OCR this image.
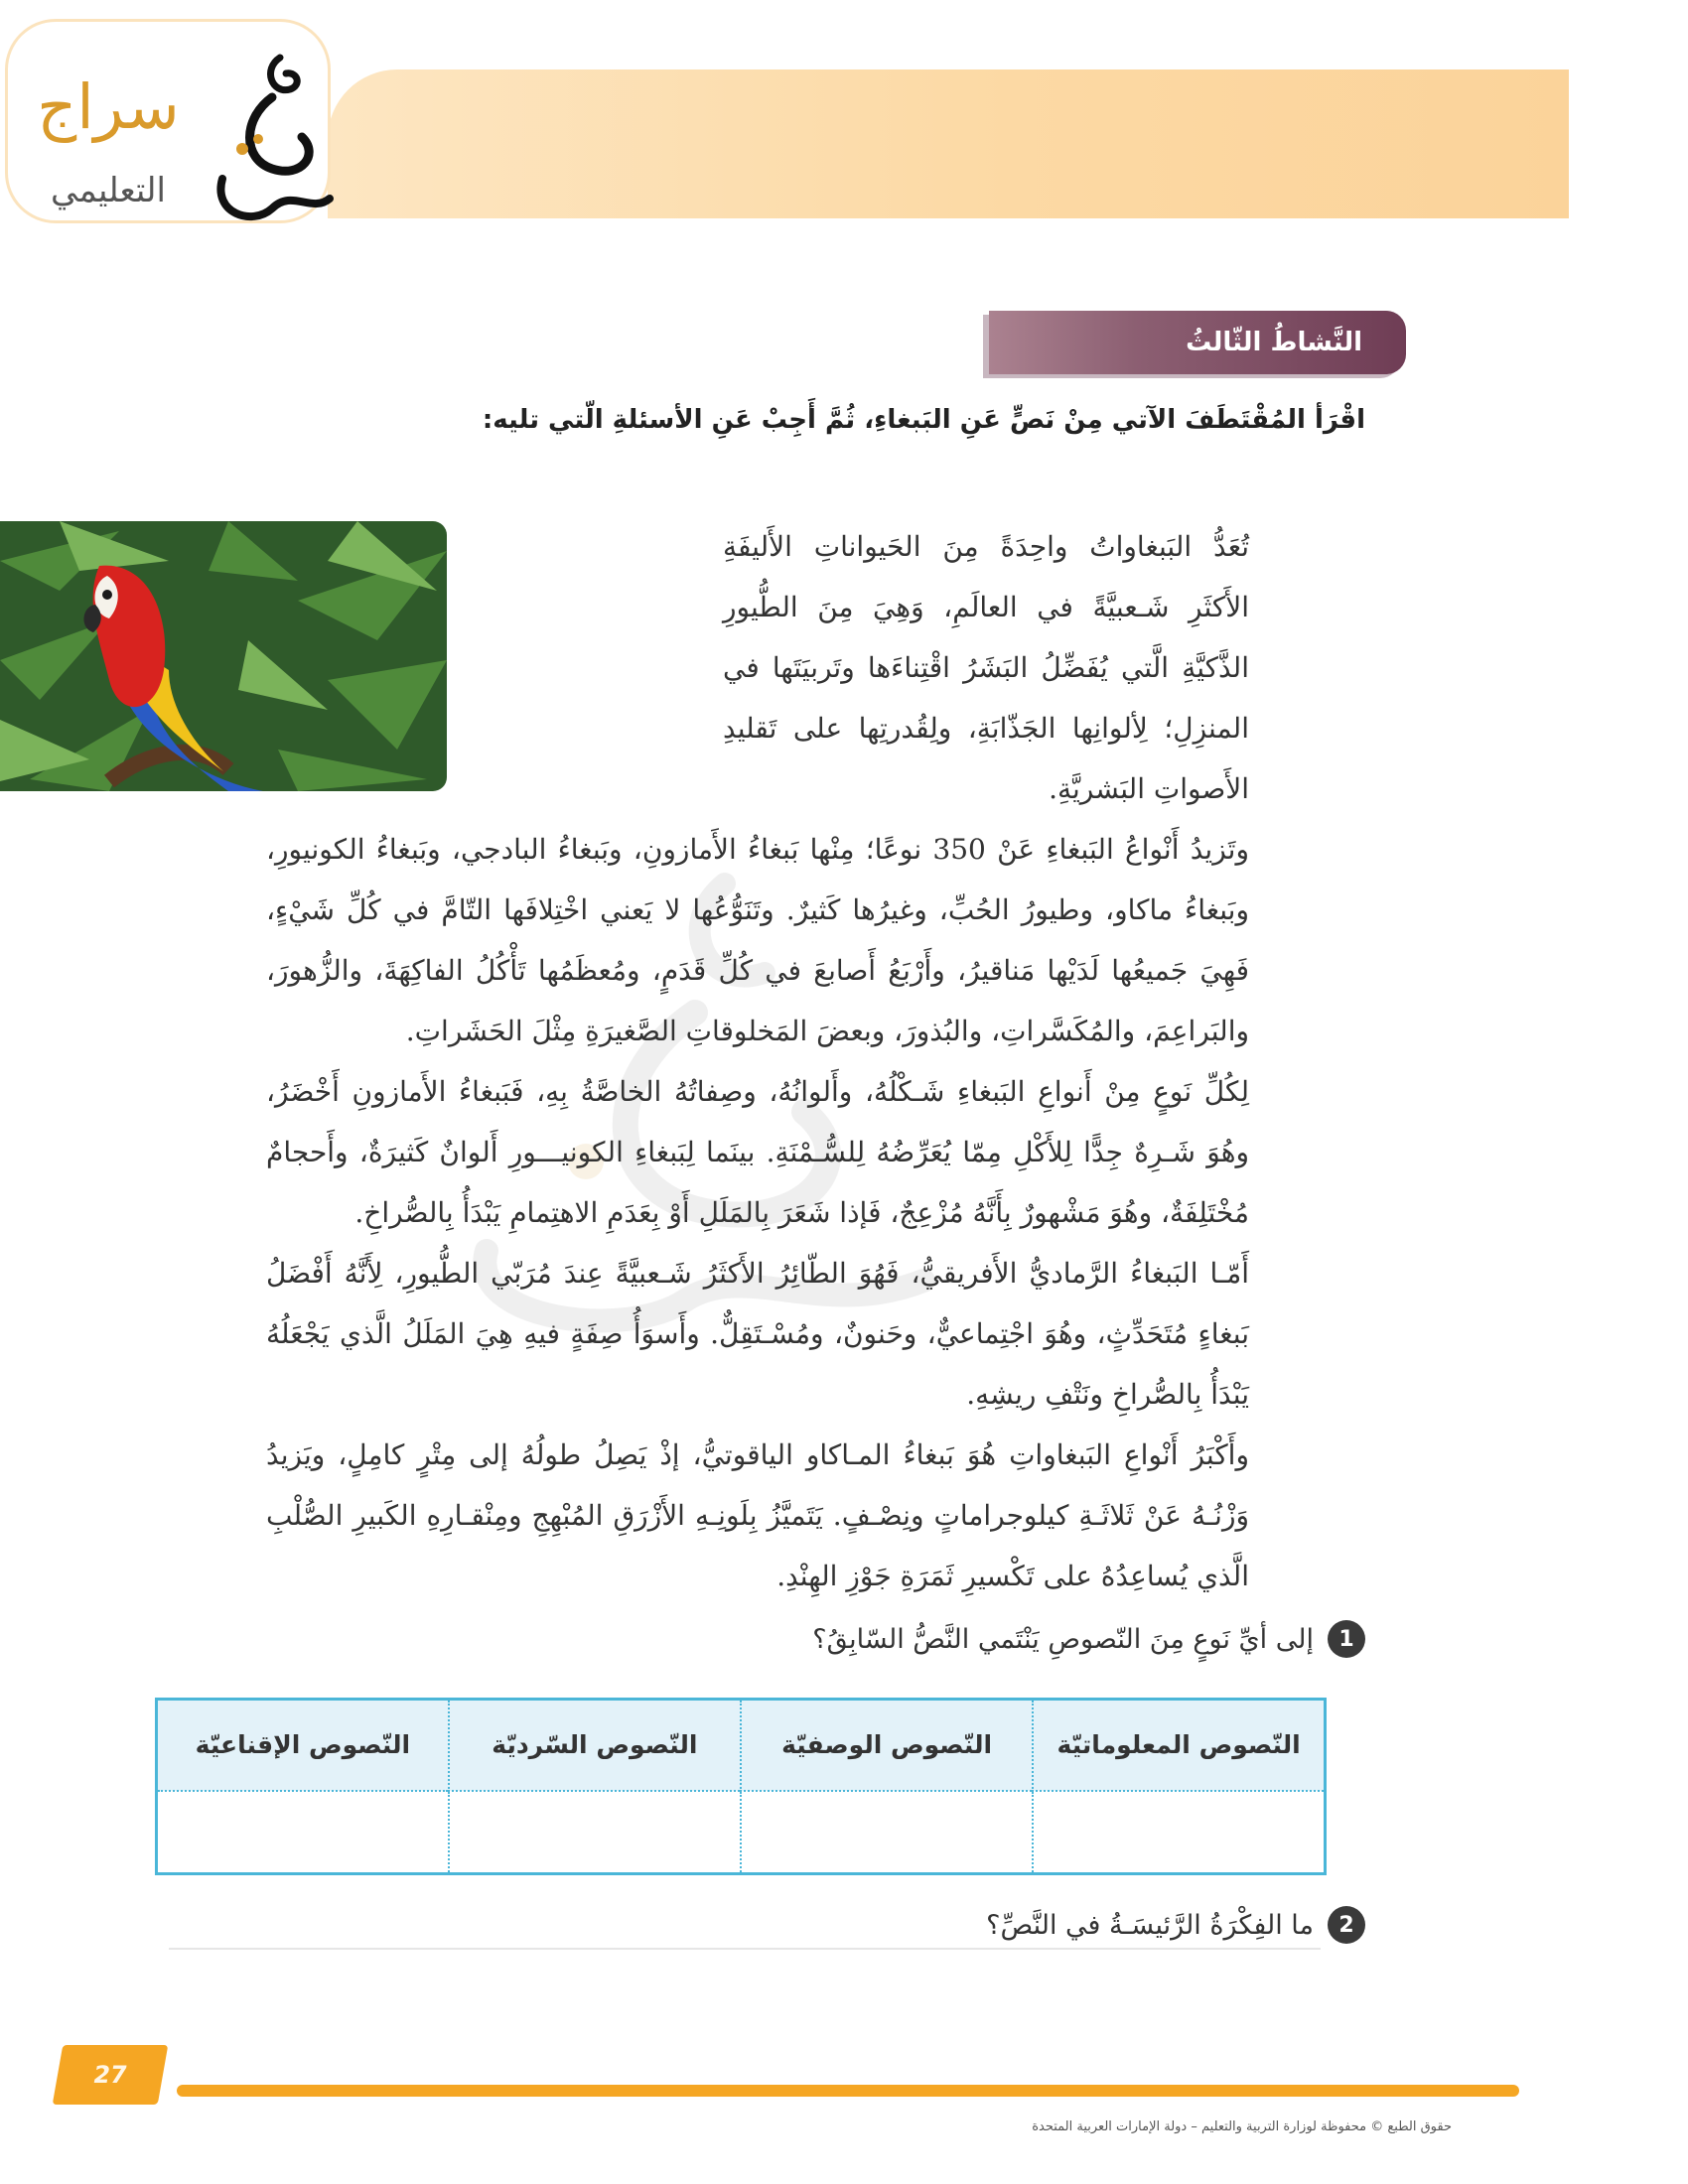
سراج
التعليمي
النَّشاطُ الثّالثُ
اقْرَأ المُقْتَطَفَ الآتي مِنْ نَصٍّ عَنِ البَبغاءِ، ثُمَّ أَجِبْ عَنِ الأسئلةِ الّتي تليه:

تُعَدُّ البَبغاواتُ واحِدَةً مِنَ الحَيواناتِ الأَليفَةِ الأَكثَرِ شَـعبيَّةً في العالَمِ، وَهِيَ مِنَ الطُّيورِ الذَّكيَّةِ الَّتي يُفَضِّلُ البَشَرُ اقْتِناءَها وتَربيَتَها في المنزِلِ؛ لِألوانِها الجَذّابَةِ، ولِقُدرتِها على تَقليدِ الأَصواتِ البَشريَّةِ.

وتَزيدُ أَنْواعُ البَبغاءِ عَنْ 350 نوعًا؛ مِنْها بَبغاءُ الأَمازونِ، وبَبغاءُ البادجي، وبَبغاءُ الكونيورِ، وبَبغاءُ ماكاو، وطيورُ الحُبِّ، وغيرُها كَثيرٌ. وتَنَوُّعُها لا يَعني اخْتِلافَها التّامَّ في كُلِّ شَيْءٍ، فَهِيَ جَميعُها لَدَيْها مَناقيرُ، وأَرْبَعُ أَصابعَ في كُلِّ قَدَمٍ، ومُعظَمُها تَأْكُلُ الفاكِهَةَ، والزُّهورَ، والبَراعِمَ، والمُكَسَّراتِ، والبُذورَ، وبعضَ المَخلوقاتِ الصَّغيرَةِ مِثْلَ الحَشَراتِ.

لِكُلِّ نَوعٍ مِنْ أَنواعِ البَبغاءِ شَـكْلُهُ، وأَلوانُهُ، وصِفاتُهُ الخاصَّةُ بِهِ، فَبَبغاءُ الأَمازونِ أَخْضَرُ، وهُوَ شَـرِهٌ جِدًّا لِلأَكْلِ مِمّا يُعَرِّضُهُ لِلسُّـمْنَةِ. بينَما لِبَبغاءِ الكونيـــورِ أَلوانٌ كَثيرَةٌ، وأَحجامٌ مُخْتَلِفَةٌ، وهُوَ مَشْهورٌ بِأَنَّهُ مُزْعِجٌ، فَإذا شَعَرَ بِالمَلَلِ أَوْ بِعَدَمِ الاهتِمامِ يَبْدَأُ بِالصُّراخِ.

أَمّـا البَبغاءُ الرَّماديُّ الأَفريقيُّ، فَهُوَ الطّائِرُ الأَكثَرُ شَـعبيَّةً عِندَ مُرَبّي الطُّيورِ، لِأَنَّهُ أَفْضَلُ بَبغاءٍ مُتَحَدِّثٍ، وهُوَ اجْتِماعيٌّ، وحَنونٌ، ومُسْـتَقِلٌّ. وأَسوَأُ صِفَةٍ فيهِ هِيَ المَلَلُ الَّذي يَجْعَلُهُ يَبْدَأُ بِالصُّراخِ ونَتْفِ ريشِهِ.

وأَكْبَرُ أَنْواعِ البَبغاواتِ هُوَ بَبغاءُ المـاكاو الياقوتيُّ، إذْ يَصِلُ طولُهُ إلى مِتْرٍ كامِلٍ، ويَزيدُ وَزْنُـهُ عَنْ ثَلاثَـةِ كيلوجراماتٍ ونِصْـفٍ. يَتَميَّزُ بِلَونِـهِ الأَزْرَقِ المُبْهِجِ ومِنْقـارِهِ الكَبيرِ الصُّلْبِ الَّذي يُساعِدُهُ على تَكْسيرِ ثَمَرَةِ جَوْزِ الهِنْدِ.

1
إلى أيِّ نَوعٍ مِنَ النّصوصِ يَنْتَمي النَّصُّ السّابِقُ؟
النّصوص المعلوماتيّة	النّصوص الوصفيّة	النّصوص السّرديّة	النّصوص الإقناعيّة

2
ما الفِكْرَةُ الرَّئيسَـةُ في النَّصِّ؟
27
حقوق الطبع © محفوظة لوزارة التربية والتعليم – دولة الإمارات العربية المتحدة
